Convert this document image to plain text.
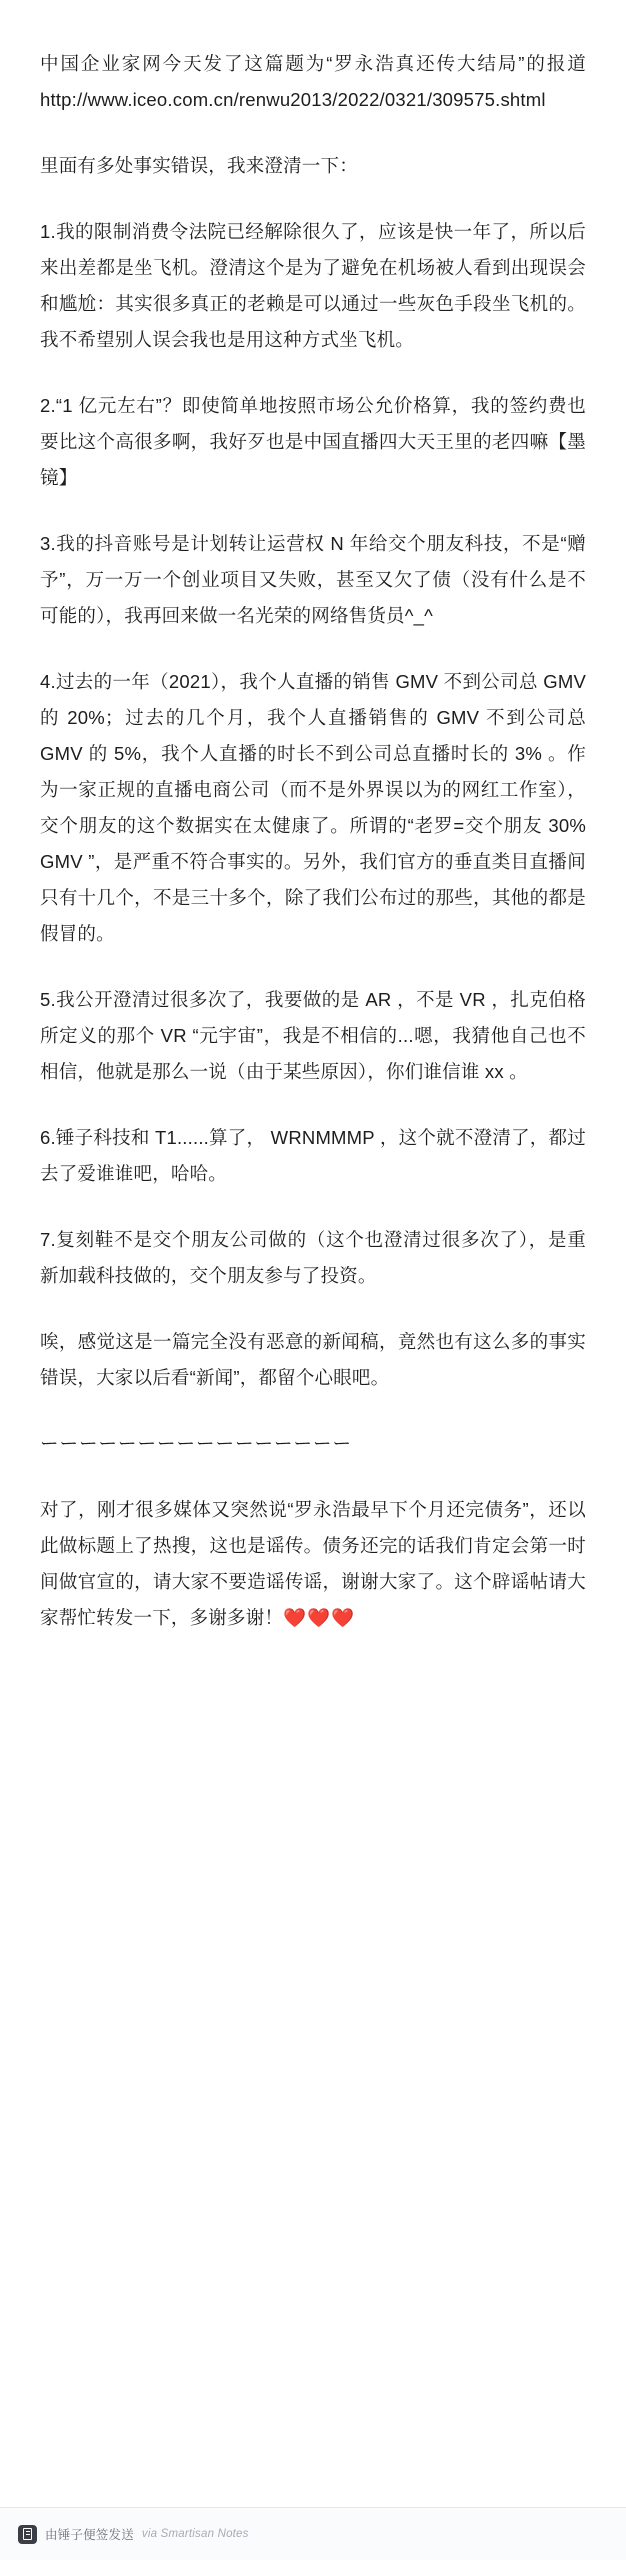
中国企业家网今天发了这篇题为“罗永浩真还传大结局”的报道 http://www.iceo.com.cn/renwu2013/2022/0321/309575.shtml

里面有多处事实错误，我来澄清一下：

1.我的限制消费令法院已经解除很久了，应该是快一年了，所以后来出差都是坐飞机。澄清这个是为了避免在机场被人看到出现误会和尴尬：其实很多真正的老赖是可以通过一些灰色手段坐飞机的。我不希望别人误会我也是用这种方式坐飞机。

2.“1 亿元左右”？即使简单地按照市场公允价格算，我的签约费也要比这个高很多啊，我好歹也是中国直播四大天王里的老四嘛【墨镜】

3.我的抖音账号是计划转让运营权 N 年给交个朋友科技，不是“赠予”，万一万一个创业项目又失败，甚至又欠了债（没有什么是不可能的），我再回来做一名光荣的网络售货员^_^

4.过去的一年（2021），我个人直播的销售 GMV 不到公司总 GMV 的 20%；过去的几个月，我个人直播销售的 GMV 不到公司总 GMV 的 5%，我个人直播的时长不到公司总直播时长的 3% 。作为一家正规的直播电商公司（而不是外界误以为的网红工作室），交个朋友的这个数据实在太健康了。所谓的“老罗=交个朋友 30% GMV ”，是严重不符合事实的。另外，我们官方的垂直类目直播间只有十几个，不是三十多个，除了我们公布过的那些，其他的都是假冒的。

5.我公开澄清过很多次了，我要做的是 AR ，不是 VR ，扎克伯格所定义的那个 VR “元宇宙”，我是不相信的...嗯，我猜他自己也不相信，他就是那么一说（由于某些原因），你们谁信谁 xx 。

6.锤子科技和 T1......算了， WRNMMMP ，这个就不澄清了，都过去了爱谁谁吧，哈哈。

7.复刻鞋不是交个朋友公司做的（这个也澄清过很多次了），是重新加载科技做的，交个朋友参与了投资。

唉，感觉这是一篇完全没有恶意的新闻稿，竟然也有这么多的事实错误，大家以后看“新闻”，都留个心眼吧。

ーーーーーーーーーーーーーーーー

对了，刚才很多媒体又突然说“罗永浩最早下个月还完债务”，还以此做标题上了热搜，这也是谣传。债务还完的话我们肯定会第一时间做官宣的，请大家不要造谣传谣，谢谢大家了。这个辟谣帖请大家帮忙转发一下，多谢多谢！❤️❤️❤️

由锤子便签发送 via Smartisan Notes
